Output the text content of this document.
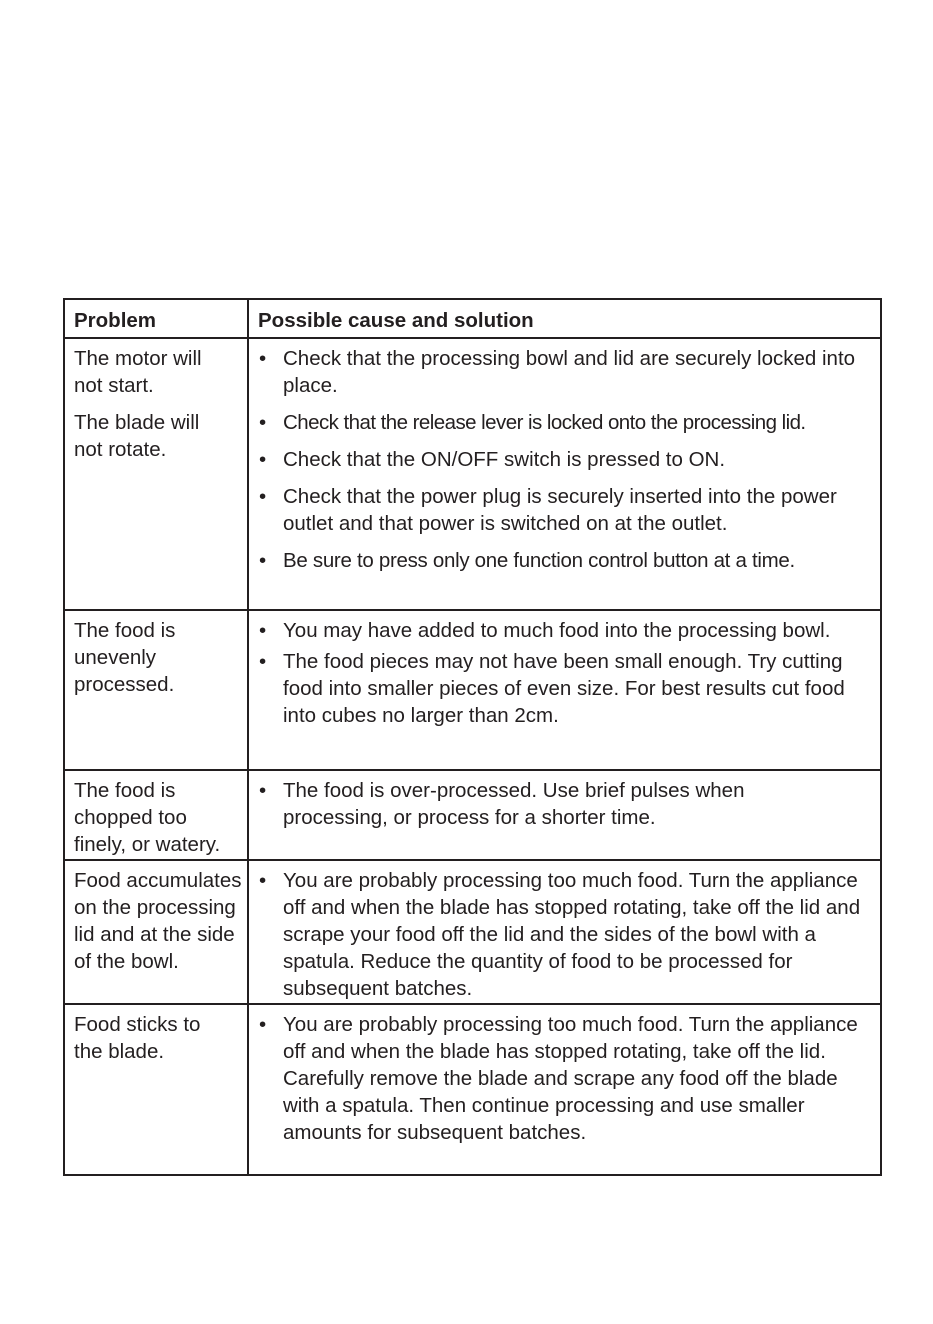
Problem	Possible cause and solution

The motor will not start.

The blade will not rotate.

• Check that the processing bowl and lid are securely locked into place.
• Check that the release lever is locked onto the processing lid.
• Check that the ON/OFF switch is pressed to ON.
• Check that the power plug is securely inserted into the power outlet and that power is switched on at the outlet.
• Be sure to press only one function control button at a time.

The food is unevenly processed.

• You may have added to much food into the processing bowl.
• The food pieces may not have been small enough. Try cutting food into smaller pieces of even size. For best results cut food into cubes no larger than 2cm.

The food is chopped too finely, or watery.

• The food is over-processed. Use brief pulses when processing, or process for a shorter time.

Food accumulates on the processing lid and at the side of the bowl.

• You are probably processing too much food. Turn the appliance off and when the blade has stopped rotating, take off the lid and scrape your food off the lid and the sides of the bowl with a spatula. Reduce the quantity of food to be processed for subsequent batches.

Food sticks to the blade.

• You are probably processing too much food. Turn the appliance off and when the blade has stopped rotating, take off the lid. Carefully remove the blade and scrape any food off the blade with a spatula. Then continue processing and use smaller amounts for subsequent batches.
